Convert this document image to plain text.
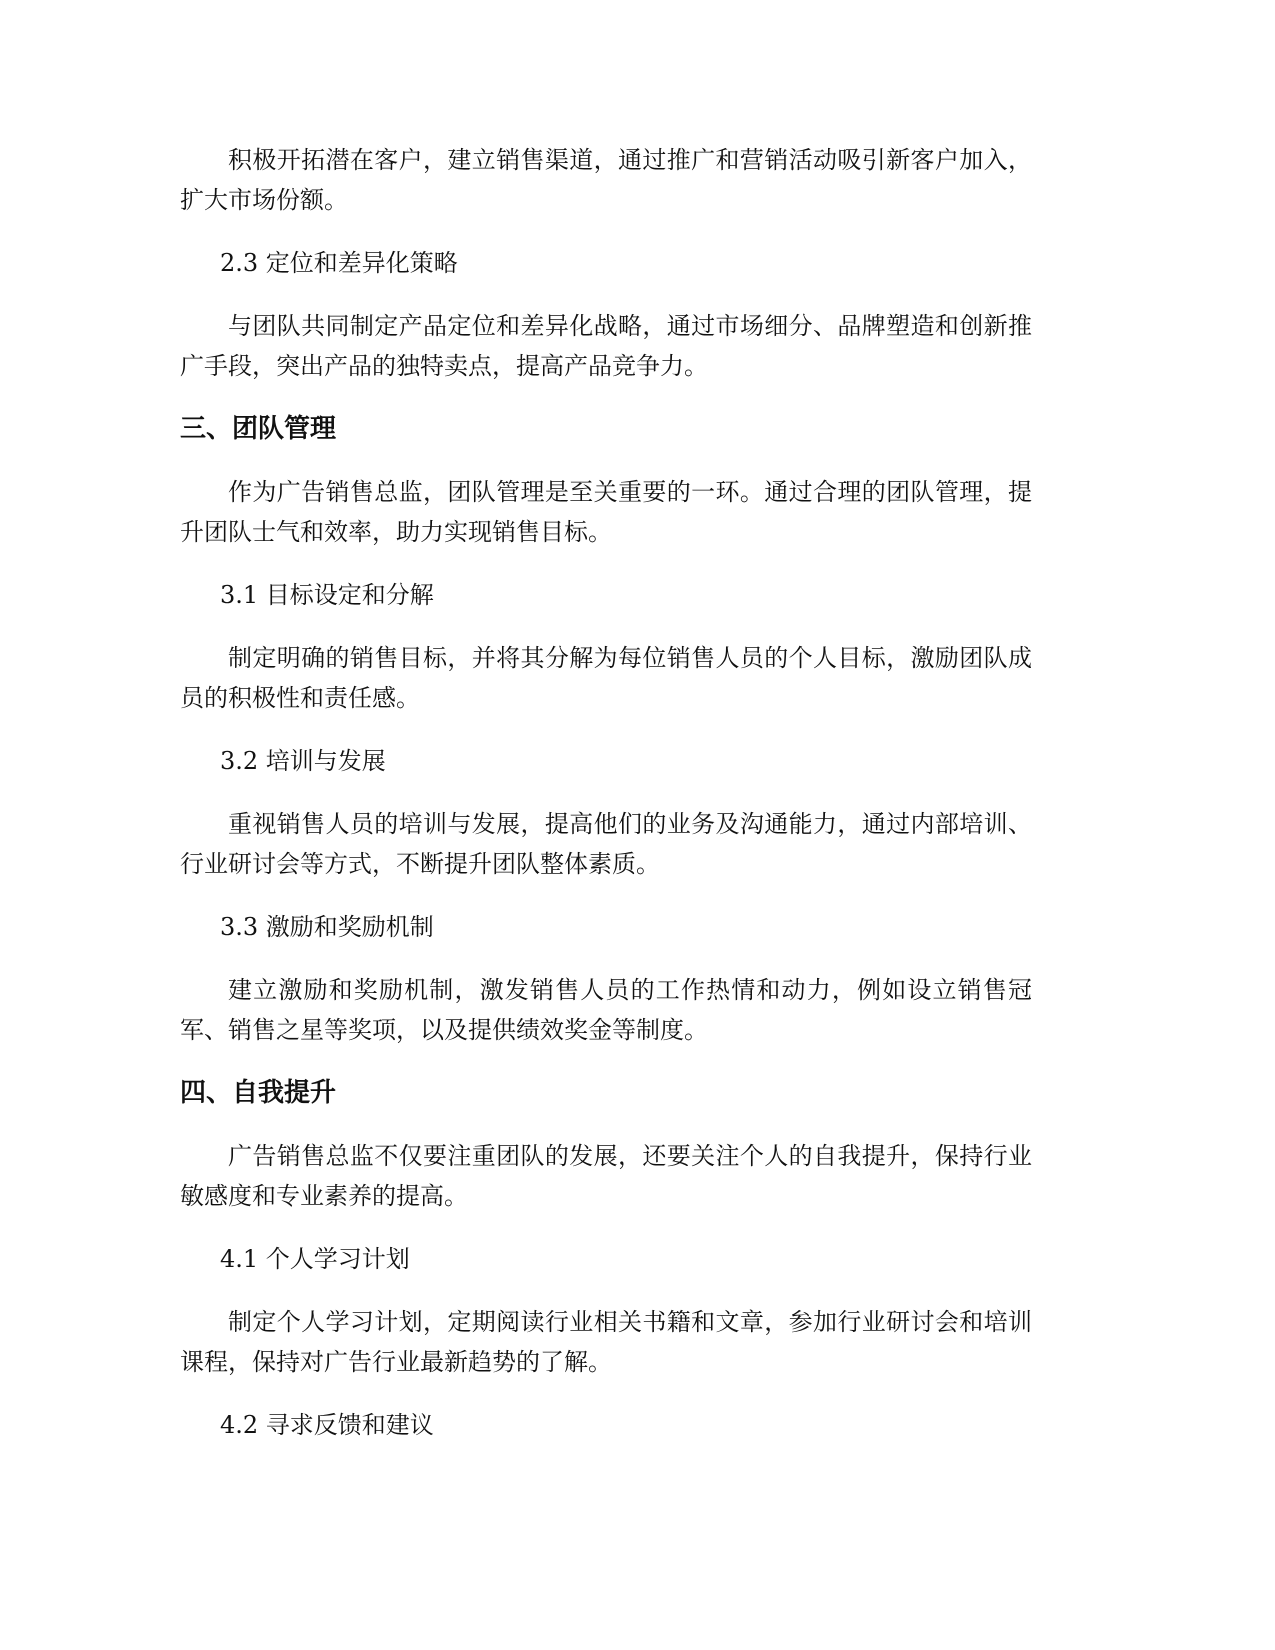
积极开拓潜在客户，建立销售渠道，通过推广和营销活动吸引新客户加入，扩大市场份额。
2.3 定位和差异化策略
与团队共同制定产品定位和差异化战略，通过市场细分、品牌塑造和创新推广手段，突出产品的独特卖点，提高产品竞争力。
三、团队管理
作为广告销售总监，团队管理是至关重要的一环。通过合理的团队管理，提升团队士气和效率，助力实现销售目标。
3.1 目标设定和分解
制定明确的销售目标，并将其分解为每位销售人员的个人目标，激励团队成员的积极性和责任感。
3.2 培训与发展
重视销售人员的培训与发展，提高他们的业务及沟通能力，通过内部培训、行业研讨会等方式，不断提升团队整体素质。
3.3 激励和奖励机制
建立激励和奖励机制，激发销售人员的工作热情和动力，例如设立销售冠军、销售之星等奖项，以及提供绩效奖金等制度。
四、自我提升
广告销售总监不仅要注重团队的发展，还要关注个人的自我提升，保持行业敏感度和专业素养的提高。
4.1 个人学习计划
制定个人学习计划，定期阅读行业相关书籍和文章，参加行业研讨会和培训课程，保持对广告行业最新趋势的了解。
4.2 寻求反馈和建议
